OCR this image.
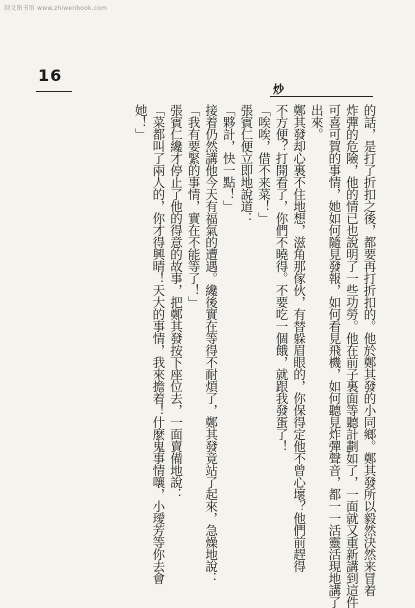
制文图书馆 www.zhiwenbook.com
16
炒
的話，是打了折扣之後，都要再打折扣的。他於鄭其發的小同鄉。鄭其發所以毅然決然来冒着
炸彈的危險，他的情已也說明了一些功勞。他在前子裏面等聽計劃如了，一面就又重新講到這件
可喜可賀的事情，她如何隨見發報，如何看見飛機，如何聽見炸彈聲音，都一一活靈活現地講了
出來。
鄭其發却心裏不住地想，滋角那傢伙，有替躲眉眼的，你保得定他不曾心壞？他們前趕得
不方便？打開看了，你們不曉得。不要吃一個餓，就跟我發蛋了！
「唉唉，借不来菜！」
張賓仁便立即地說道：
「夥計，快一點！」
接着仍然講他今天有福氣的遭遇。纔後實在等得不耐煩了，鄭其發竟站了起來，急燥地說：
「我有要緊的事情，實在不能等了！」
張賓仁纔才停止了他的得意的故事，把鄭其發按下座位去，一面賣備地說：
「菜都叫了兩人的，你才得興晴！天大的事情，我來擔着！什麼鬼事情嚷，小璦芳等你去會
她！」
